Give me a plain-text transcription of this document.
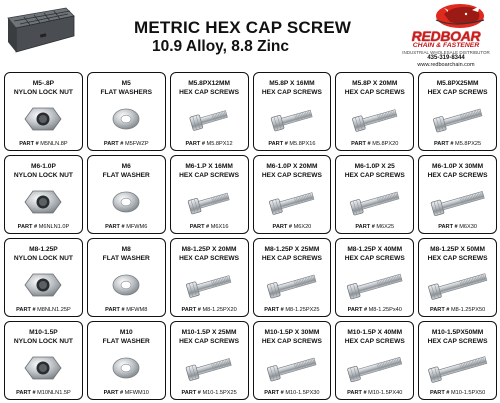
METRIC HEX CAP SCREW
10.9 Alloy, 8.8 Zinc
REDBOAR
CHAIN & FASTENER
INDUSTRIAL WHOLESALE DISTRIBUTOR
435-319-8344
www.redboarchain.com
M5-.8P
NYLON LOCK NUT
PART # M5NLN.8P
M5
FLAT WASHERS
PART # M5FWZP
M5.8PX12MM
HEX CAP SCREWS
PART # M5.8PX12
M5.8P X 16MM
HEX CAP SCREWS
PART # M5.8PX16
M5.8P X 20MM
HEX CAP SCREWS
PART # M5.8PX20
M5.8PX25MM
HEX CAP SCREWS
PART # M5.8PX25
M6-1.0P
NYLON LOCK NUT
PART # M6NLN1.0P
M6
FLAT WASHER
PART # MFWM6
M6-1.P X 16MM
HEX CAP SCREWS
PART # M6X16
M6-1.0P X 20MM
HEX CAP SCREWS
PART # M6X20
M6-1.0P X 25
HEX CAP SCREWS
PART # M6X25
M6-1.0P X 30MM
HEX CAP SCREWS
PART # M6X30
M8-1.25P
NYLON LOCK NUT
PART # M8NLN1.25P
M8
FLAT WASHER
PART # MFWM8
M8-1.25P X 20MM
HEX CAP SCREWS
PART # M8-1.25PX20
M8-1.25P X 25MM
HEX CAP SCREWS
PART # M8-1.25PX25
M8-1.25P X 40MM
HEX CAP SCREWS
PART # M8-1.25Px40
M8-1.25P X 50MM
HEX CAP SCREWS
PART # M8-1.25PX50
M10-1.5P
NYLON LOCK NUT
PART # M10NLN1.5P
M10
FLAT WASHER
PART # MFWM10
M10-1.5P X 25MM
HEX CAP SCREWS
PART # M10-1.5PX25
M10-1.5P X 30MM
HEX CAP SCREWS
PART # M10-1.5PX30
M10-1.5P X 40MM
HEX CAP SCREWS
PART # M10-1.5PX40
M10-1.5PX50MM
HEX CAP SCREWS
PART # M10-1.5PX50
